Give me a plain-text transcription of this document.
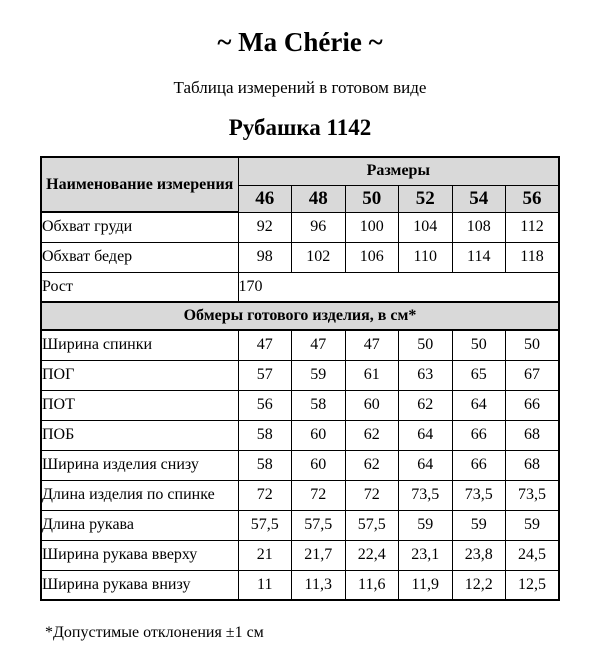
~ Ma Chérie ~

Таблица измерений в готовом виде

Рубашка 1142
Наименование измерения	Размеры					
	46	48	50	52	54	56
Обхват груди	92	96	100	104	108	112
Обхват бедер	98	102	106	110	114	118
Рост	170					
Обмеры готового изделия, в см*						
Ширина спинки	47	47	47	50	50	50
ПОГ	57	59	61	63	65	67
ПОТ	56	58	60	62	64	66
ПОБ	58	60	62	64	66	68
Ширина изделия снизу	58	60	62	64	66	68
Длина изделия по спинке	72	72	72	73,5	73,5	73,5
Длина рукава	57,5	57,5	57,5	59	59	59
Ширина рукава вверху	21	21,7	22,4	23,1	23,8	24,5
Ширина рукава внизу	11	11,3	11,6	11,9	12,2	12,5

*Допустимые отклонения ±1 см
